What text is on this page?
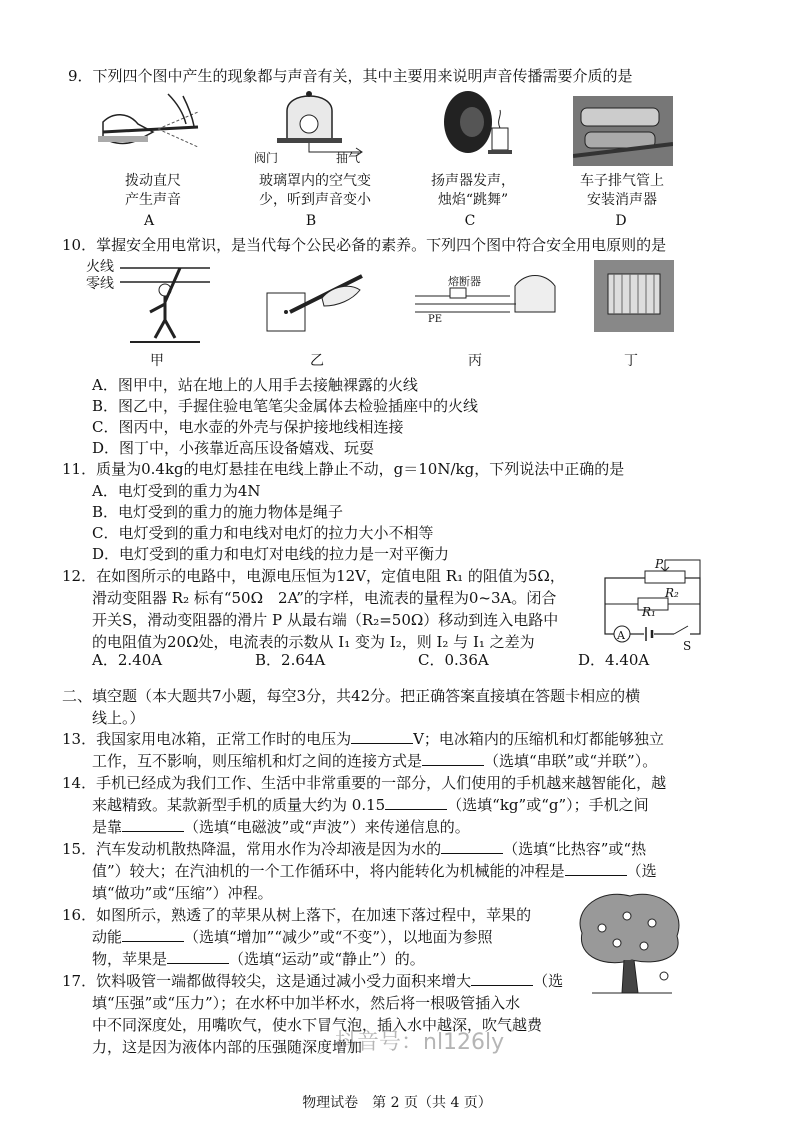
9．下列四个图中产生的现象都与声音有关，其中主要用来说明声音传播需要介质的是
拨动直尺
产生声音
A
阀门	抽气
玻璃罩内的空气变
少，听到声音变小
B
扬声器发声，
烛焰“跳舞”
C
车子排气管上
安装消声器
D
10．掌握安全用电常识，是当代每个公民必备的素养。下列四个图中符合安全用电原则的是
火线
零线	熔断器
PE
甲	乙	丙	丁
A．图甲中，站在地上的人用手去接触裸露的火线
B．图乙中，手握住验电笔笔尖金属体去检验插座中的火线
C．图丙中，电水壶的外壳与保护接地线相连接
D．图丁中，小孩靠近高压设备嬉戏、玩耍
11．质量为0.4kg的电灯悬挂在电线上静止不动，g＝10N/kg，下列说法中正确的是
A．电灯受到的重力为4N
B．电灯受到的重力的施力物体是绳子
C．电灯受到的重力和电线对电灯的拉力大小不相等
D．电灯受到的重力和电灯对电线的拉力是一对平衡力
12．在如图所示的电路中，电源电压恒为12V，定值电阻 R₁ 的阻值为5Ω，
滑动变阻器 R₂ 标有“50Ω　2A”的字样，电流表的量程为0~3A。闭合
开关S，滑动变阻器的滑片 P 从最右端（R₂=50Ω）移动到连入电路中
的电阻值为20Ω处，电流表的示数从 I₁ 变为 I₂，则 I₂ 与 I₁ 之差为
A．2.40A	B．2.64A	C．0.36A	D．4.40A
P
R₂
R₁
A
S
二、填空题（本大题共7小题，每空3分，共42分。把正确答案直接填在答题卡相应的横
线上。）
13．我国家用电冰箱，正常工作时的电压为	V；电冰箱内的压缩机和灯都能够独立
工作，互不影响，则压缩机和灯之间的连接方式是	（选填“串联”或“并联”）。
14．手机已经成为我们工作、生活中非常重要的一部分，人们使用的手机越来越智能化，越
来越精致。某款新型手机的质量大约为 0.15	（选填“kg”或“g”）；手机之间
是靠	（选填“电磁波”或“声波”）来传递信息的。
15．汽车发动机散热降温，常用水作为冷却液是因为水的	（选填“比热容”或“热
值”）较大；在汽油机的一个工作循环中，将内能转化为机械能的冲程是	（选
填“做功”或“压缩”）冲程。
16．如图所示，熟透了的苹果从树上落下，在加速下落过程中，苹果的
动能	（选填“增加”“减少”或“不变”），以地面为参照
物，苹果是	（选填“运动”或“静止”）的。
17．饮料吸管一端都做得较尖，这是通过减小受力面积来增大	（选
填“压强”或“压力”）；在水杯中加半杯水，然后将一根吸管插入水
中不同深度处，用嘴吹气，使水下冒气泡，插入水中越深，吹气越费
力，这是因为液体内部的压强随深度增加
抖音号：nl126ly
物理试卷　第 2 页（共 4 页）
